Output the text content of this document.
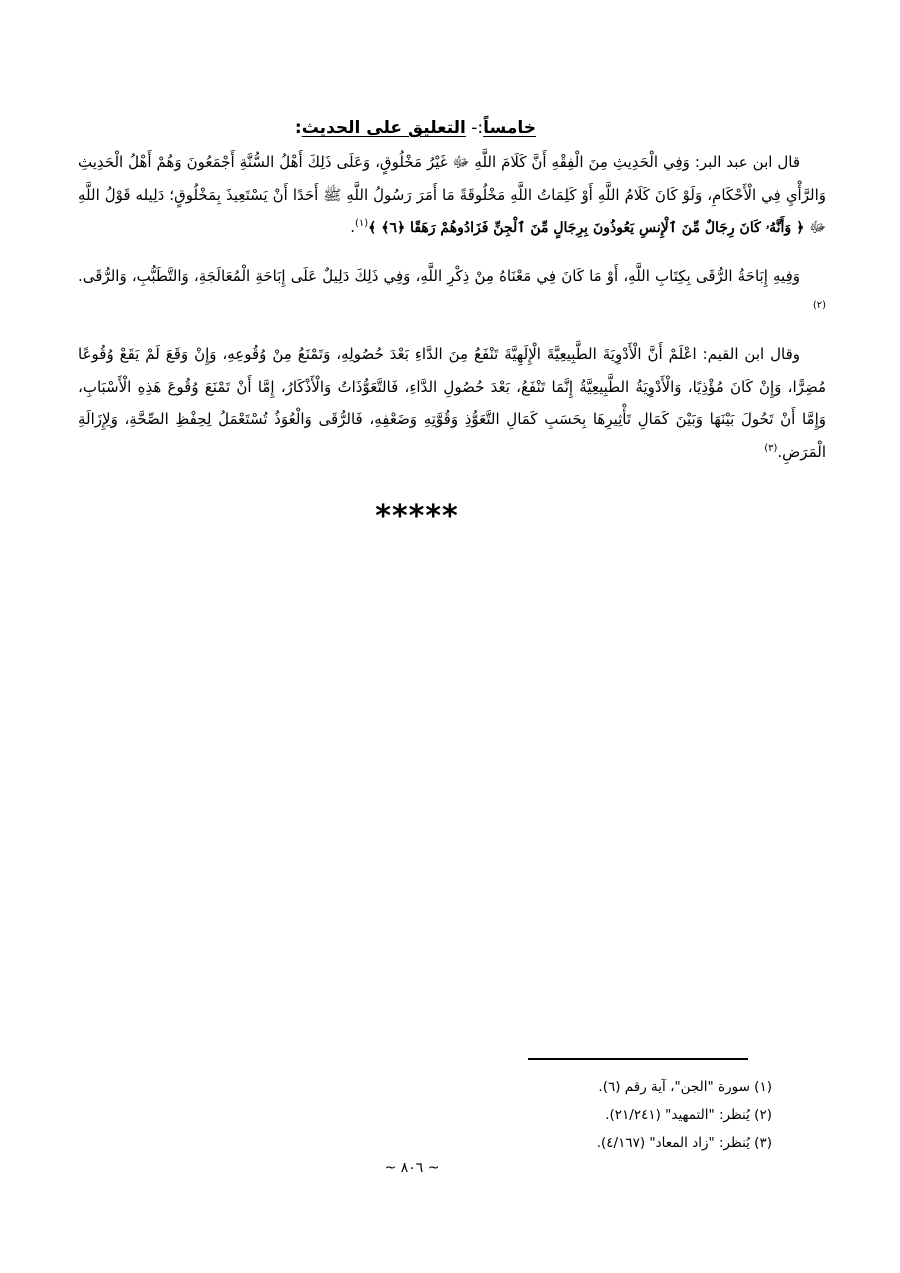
خامساً:- التعليق على الحديث:
قال ابن عبد البر: وَفِي الْحَدِيثِ مِنَ الْفِقْهِ أَنَّ كَلَامَ اللَّهِ ﷻ غَيْرُ مَخْلُوقٍ، وَعَلَى ذَلِكَ أَهْلُ السُّنَّةِ أَجْمَعُونَ وَهُمْ أَهْلُ الْحَدِيثِ وَالرَّأْيِ فِي الْأَحْكَامِ، وَلَوْ كَانَ كَلَامُ اللَّهِ أَوْ كَلِمَاتُ اللَّهِ مَخْلُوقَةً مَا أَمَرَ رَسُولُ اللَّهِ ﷺ أَحَدًا أَنْ يَسْتَعِيذَ بِمَخْلُوقٍ؛ دَلِيله قَوْلُ اللَّهِ ﷻ ﴿ وَأَنَّهُۥ كَانَ رِجَالٌ مِّنَ ٱلْإِنسِ يَعُوذُونَ بِرِجَالٍ مِّنَ ٱلْجِنِّ فَزَادُوهُمْ رَهَقًا ﴿٦﴾ ﴾$^{(١)}$.
وَفِيهِ إِبَاحَةُ الرُّقَى بِكِتَابِ اللَّهِ، أَوْ مَا كَانَ فِي مَعْنَاهُ مِنْ ذِكْرِ اللَّهِ، وَفِي ذَلِكَ دَلِيلٌ عَلَى إِبَاحَةِ الْمُعَالَجَةِ، وَالتَّطَبُّبِ، وَالرُّقَى.$^{(٢)}$
وقال ابن القيم: اعْلَمْ أَنَّ الْأَدْوِيَةَ الطَّبِيعِيَّةَ الْإِلَهِيَّةَ تَنْفَعُ مِنَ الدَّاءِ بَعْدَ حُصُولِهِ، وَتَمْنَعُ مِنْ وُقُوعِهِ، وَإِنْ وَقَعَ لَمْ يَقَعْ وُقُوعًا مُضِرًّا، وَإِنْ كَانَ مُؤْذِيًا، وَالْأَدْوِيَةُ الطَّبِيعِيَّةُ إِنَّمَا تَنْفَعُ، بَعْدَ حُصُولِ الدَّاءِ، فَالتَّعَوُّذَاتُ وَالْأَذْكَارُ، إِمَّا أَنْ تَمْنَعَ وُقُوعَ هَذِهِ الْأَسْبَابِ، وَإِمَّا أَنْ تَحُولَ بَيْنَهَا وَبَيْنَ كَمَالِ تَأْثِيرِهَا بِحَسَبِ كَمَالِ التَّعَوُّذِ وَقُوَّتِهِ وَضَعْفِهِ، فَالرُّقَى وَالْعُوَذُ تُسْتَعْمَلُ لِحِفْظِ الصِّحَّةِ، وَلِإِزَالَةِ الْمَرَضِ.$^{(٣)}$
*****
(١) سورة "الجن"، آية رقم (٦).
(٢) يُنظر: "التمهيد" (٢١/٢٤١).
(٣) يُنظر: "زاد المعاد" (٤/١٦٧).
~ ٨٠٦ ~
